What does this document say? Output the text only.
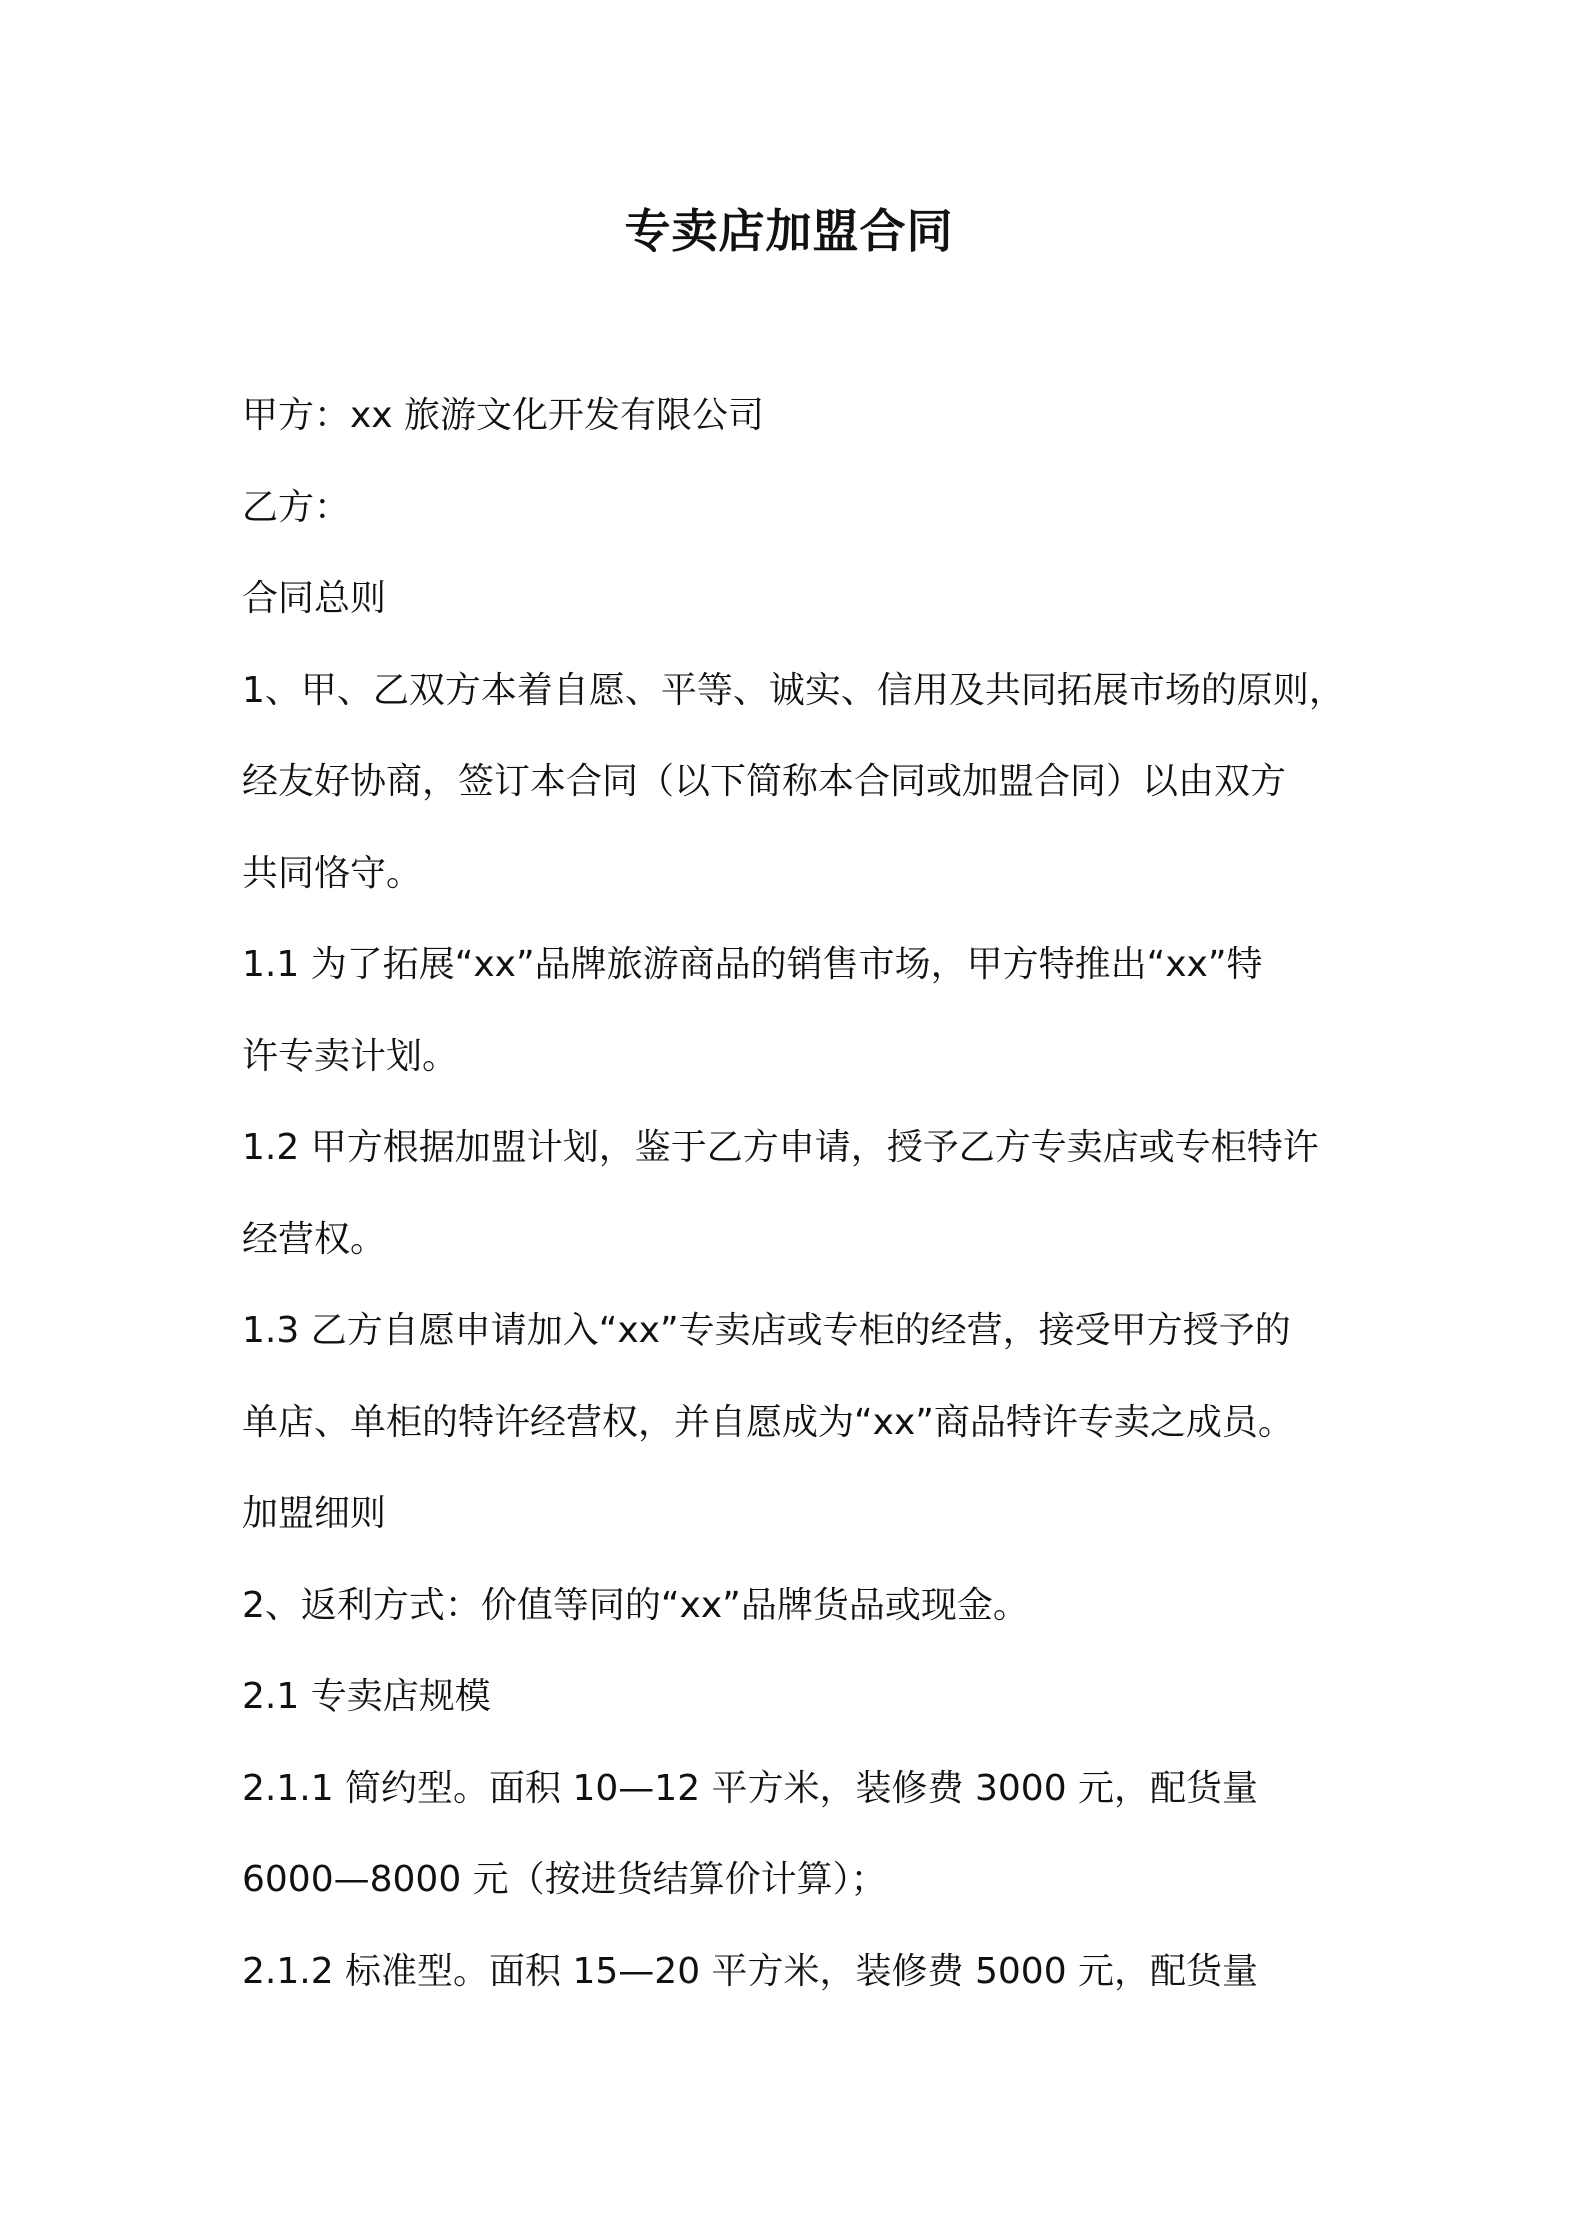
专卖店加盟合同
甲方：xx 旅游文化开发有限公司
乙方：
合同总则
1、甲、乙双方本着自愿、平等、诚实、信用及共同拓展市场的原则，
经友好协商，签订本合同（以下简称本合同或加盟合同）以由双方
共同恪守。
1.1 为了拓展“xx”品牌旅游商品的销售市场，甲方特推出“xx”特
许专卖计划。
1.2 甲方根据加盟计划，鉴于乙方申请，授予乙方专卖店或专柜特许
经营权。
1.3 乙方自愿申请加入“xx”专卖店或专柜的经营，接受甲方授予的
单店、单柜的特许经营权，并自愿成为“xx”商品特许专卖之成员。
加盟细则
2、返利方式：价值等同的“xx”品牌货品或现金。
2.1 专卖店规模
2.1.1 简约型。面积 10—12 平方米，装修费 3000 元，配货量
6000—8000 元（按进货结算价计算）；
2.1.2 标准型。面积 15—20 平方米，装修费 5000 元，配货量
